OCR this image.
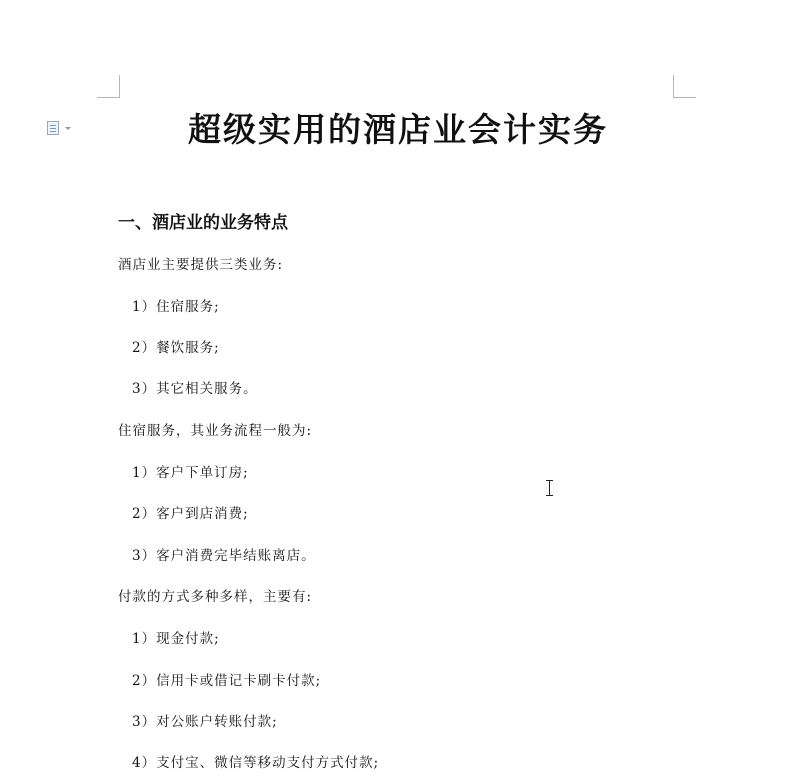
超级实用的酒店业会计实务
一、酒店业的业务特点
酒店业主要提供三类业务:
1）住宿服务;
2）餐饮服务;
3）其它相关服务。
住宿服务，其业务流程一般为:
1）客户下单订房;
2）客户到店消费;
3）客户消费完毕结账离店。
付款的方式多种多样，主要有:
1）现金付款;
2）信用卡或借记卡刷卡付款;
3）对公账户转账付款;
4）支付宝、微信等移动支付方式付款;
